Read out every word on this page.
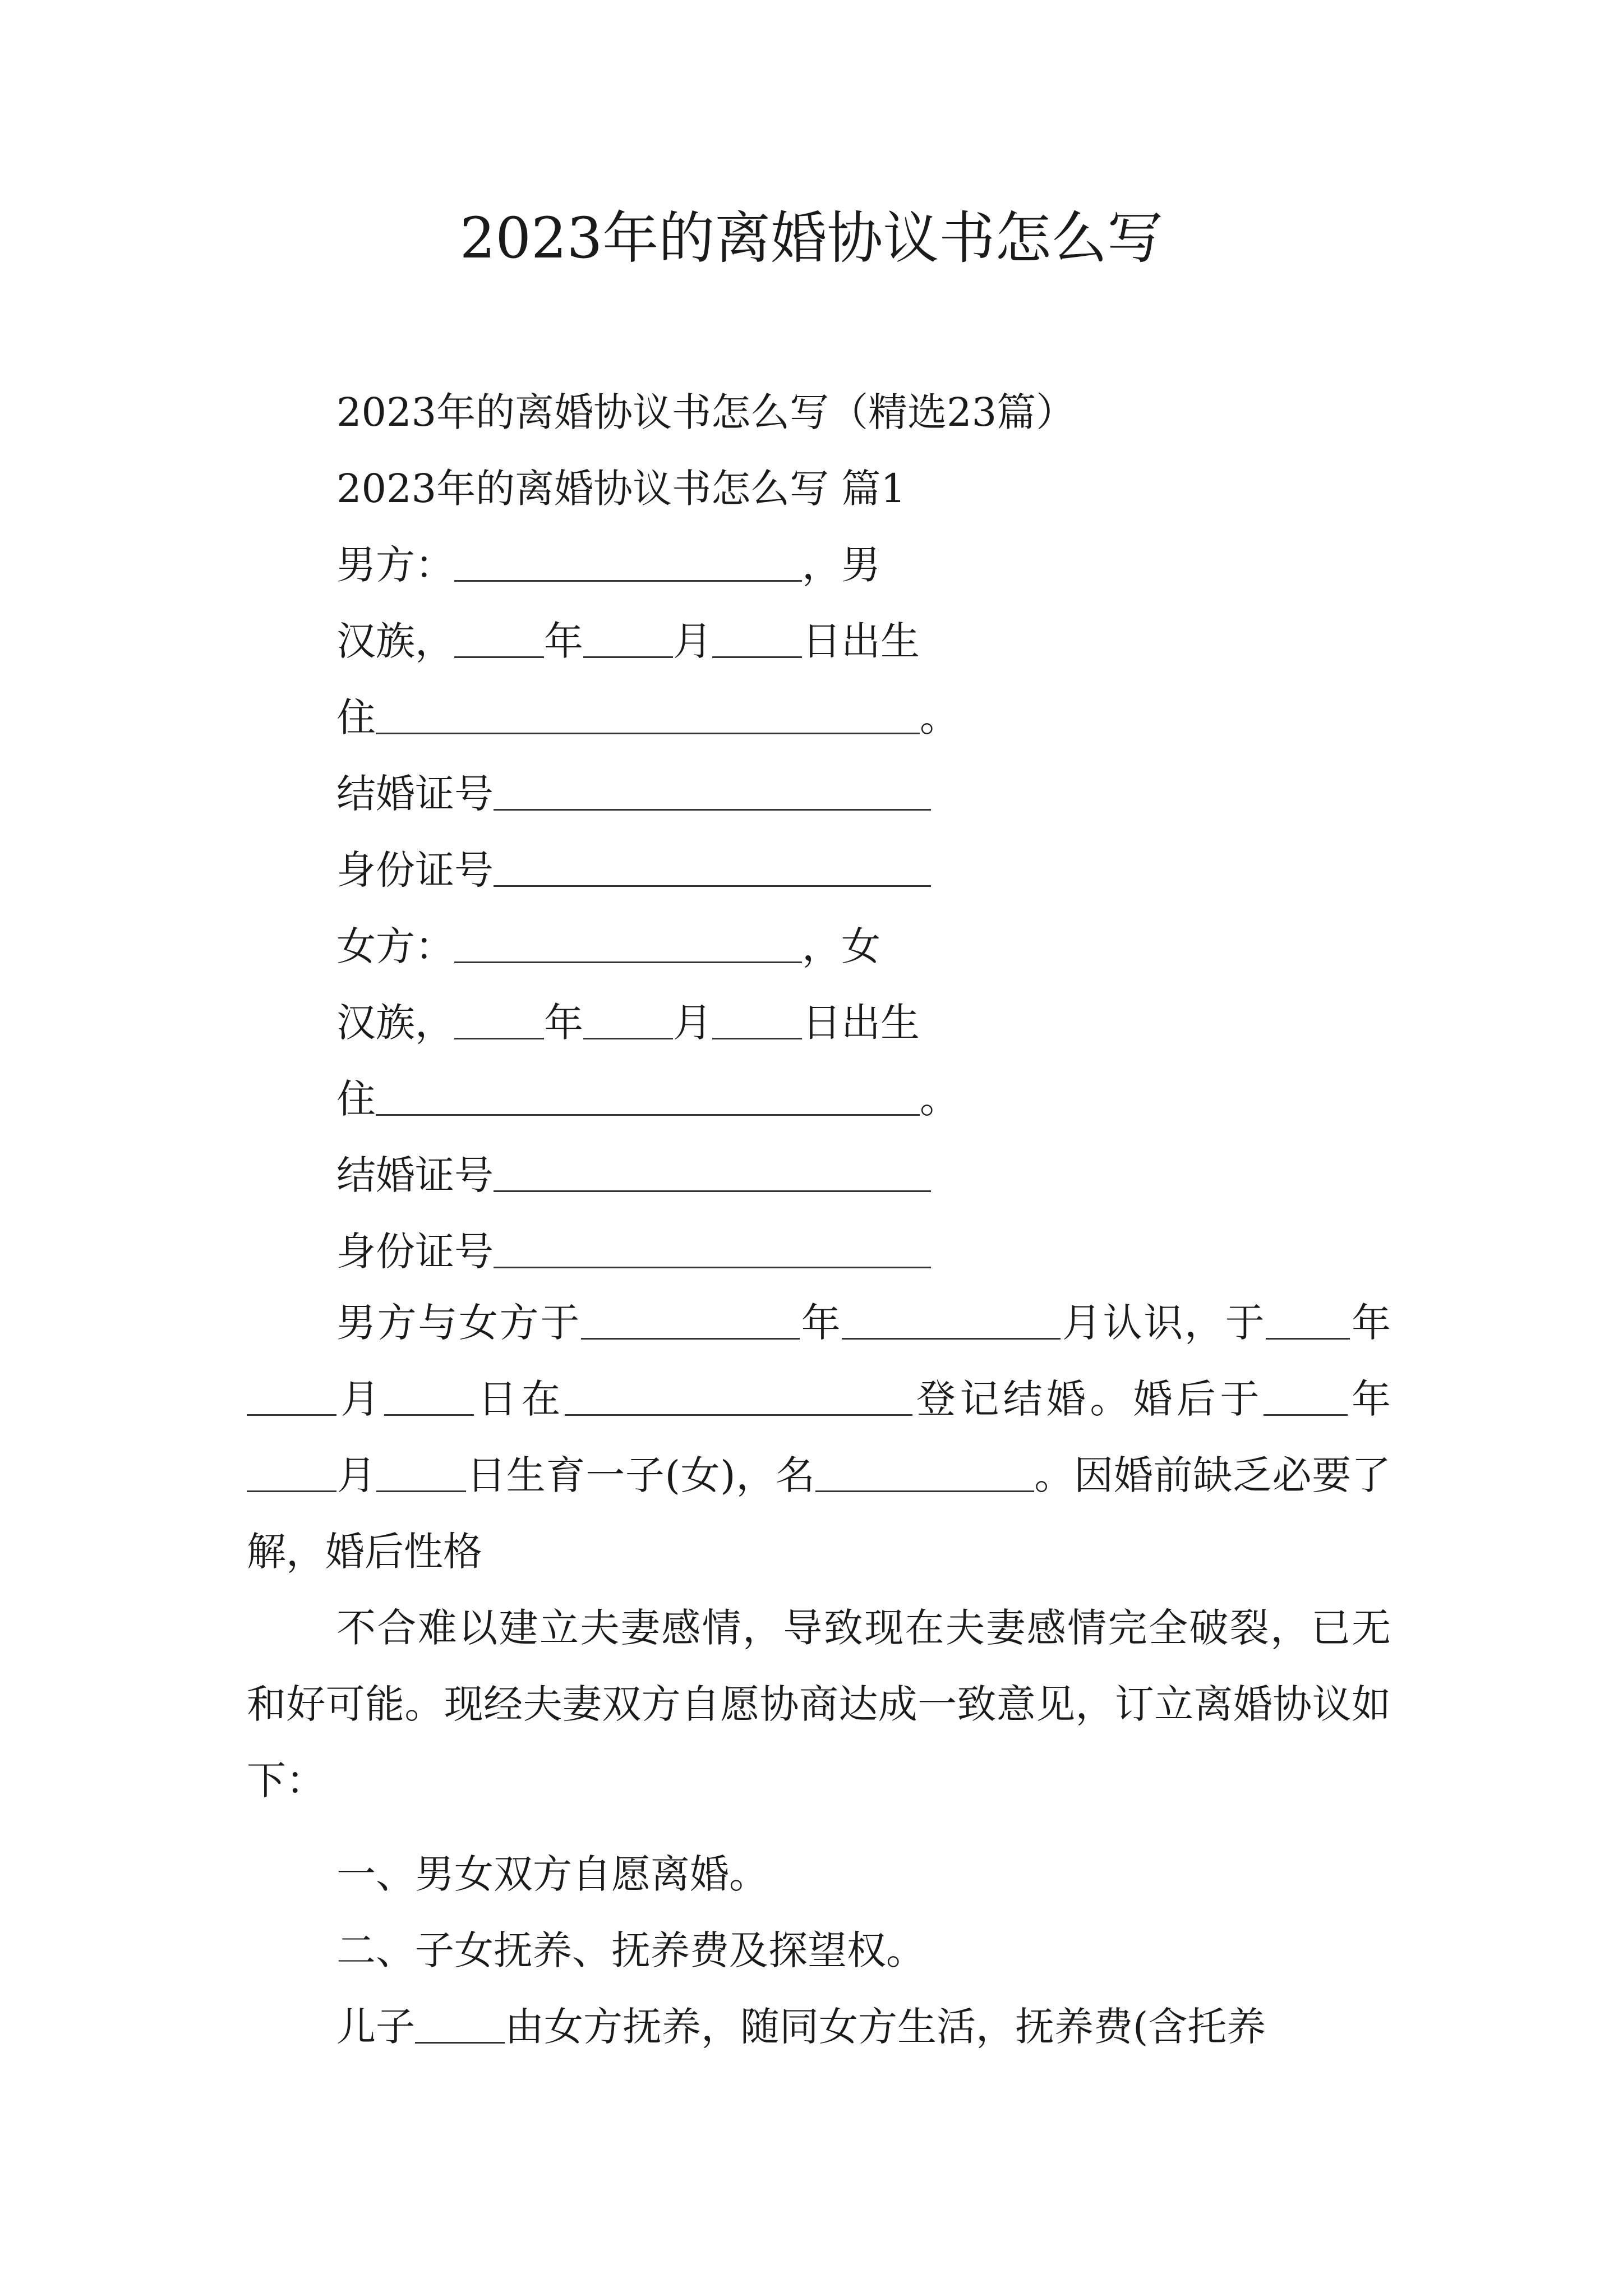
2023年的离婚协议书怎么写
2023年的离婚协议书怎么写（精选23篇）
2023年的离婚协议书怎么写 篇1
男方：	，男
汉族， 年 月 日出生
住	。
结婚证号
身份证号
女方：	，女
汉族， 年 月 日出生
住	。
结婚证号
身份证号
男方与女方于	年	月认识，于 年月 日在	登记结婚。婚后于 年月 日生育一子(女)，名	。因婚前缺乏必要了解，婚后性格
不合难以建立夫妻感情，导致现在夫妻感情完全破裂，已无和好可能。现经夫妻双方自愿协商达成一致意见，订立离婚协议如下：
一、男女双方自愿离婚。
二、子女抚养、抚养费及探望权。
儿子 由女方抚养，随同女方生活，抚养费(含托养
